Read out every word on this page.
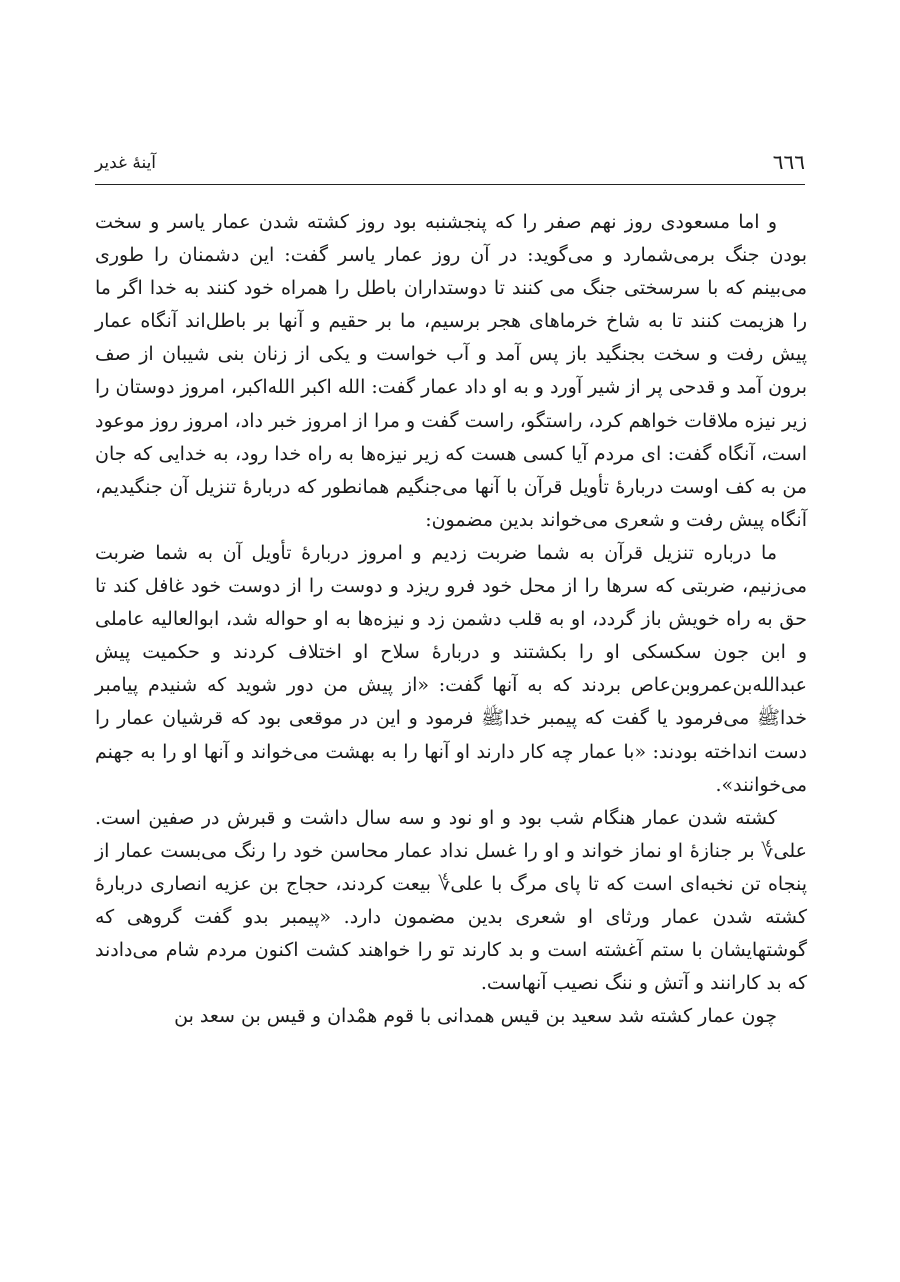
٦٦٦
آینهٔ غدیر

و اما مسعودی روز نهم صفر را که پنجشنبه بود روز کشته شدن عمار یاسر و سخت بودن جنگ برمی‌شمارد و می‌گوید: در آن روز عمار یاسر گفت: این دشمنان را طوری می‌بینم که با سرسختی جنگ می کنند تا دوستداران باطل را همراه خود کنند به خدا اگر ما را هزیمت کنند تا به شاخ خرماهای هجر برسیم، ما بر حقیم و آنها بر باطل‌اند آنگاه عمار پیش رفت و سخت بجنگید باز پس آمد و آب خواست و یکی از زنان بنی شیبان از صف برون آمد و قدحی پر از شیر آورد و به او داد عمار گفت: الله اکبر الله‌اکبر، امروز دوستان را زیر نیزه ملاقات خواهم کرد، راستگو، راست گفت و مرا از امروز خبر داد، امروز روز موعود است، آنگاه گفت: ای مردم آیا کسی هست که زیر نیزه‌ها به راه خدا رود، به خدایی که جان من به کف اوست دربارهٔ تأویل قرآن با آنها می‌جنگیم همانطور که دربارهٔ تنزیل آن جنگیدیم، آنگاه پیش رفت و شعری می‌خواند بدین مضمون:

ما درباره تنزیل قرآن به شما ضربت زدیم و امروز دربارهٔ تأویل آن به شما ضربت می‌زنیم، ضربتی که سرها را از محل خود فرو ریزد و دوست را از دوست خود غافل کند تا حق به راه خویش باز گردد، او به قلب دشمن زد و نیزه‌ها به او حواله شد، ابوالعالیه عاملی و ابن جون سکسکی او را بکشتند و دربارهٔ سلاح او اختلاف کردند و حکمیت پیش عبدالله‌بن‌عمروبن‌عاص بردند که به آنها گفت: «از پیش من دور شوید که شنیدم پیامبر خداﷺ می‌فرمود یا گفت که پیمبر خداﷺ فرمود و این در موقعی بود که قرشیان عمار را دست انداخته بودند: «با عمار چه کار دارند او آنها را به بهشت می‌خواند و آنها او را به جهنم می‌خوانند».

کشته شدن عمار هنگام شب بود و او نود و سه سال داشت و قبرش در صفین است. علی‌؇ بر جنازهٔ او نماز خواند و او را غسل نداد عمار محاسن خود را رنگ می‌بست عمار از پنجاه تن نخبه‌ای است که تا پای مرگ با علی‌؇ بیعت کردند، حجاج بن عزیه انصاری دربارهٔ کشته شدن عمار ورثای او شعری بدین مضمون دارد. «پیمبر بدو گفت گروهی که گوشتهایشان با ستم آغشته است و بد کارند تو را خواهند کشت اکنون مردم شام می‌دادند که بد کارانند و آتش و ننگ نصیب آنهاست.

چون عمار کشته شد سعید بن قیس همدانی با قوم همْدان و قیس بن سعد بن
